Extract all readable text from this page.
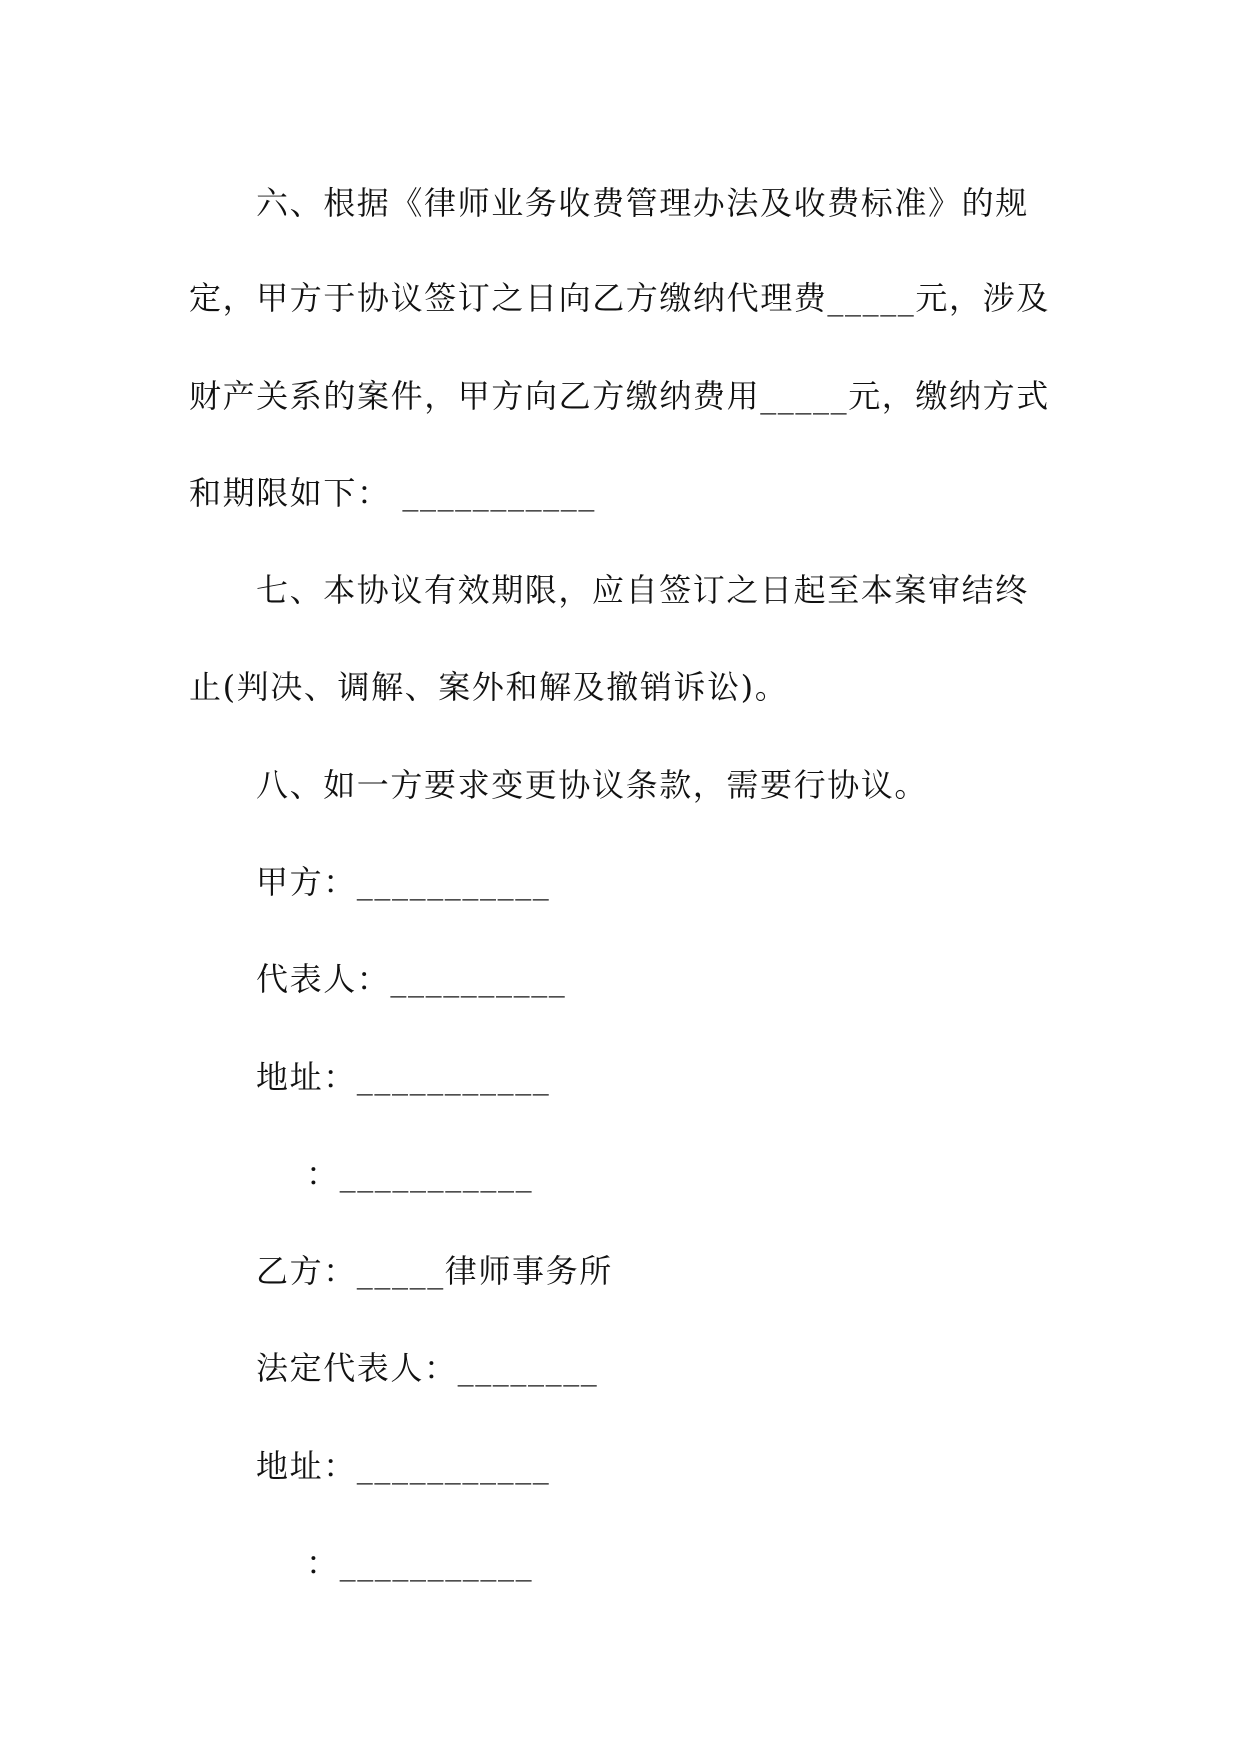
六、根据《律师业务收费管理办法及收费标准》的规
定，甲方于协议签订之日向乙方缴纳代理费_____元，涉及
财产关系的案件，甲方向乙方缴纳费用_____元，缴纳方式
和期限如下： ___________
七、本协议有效期限，应自签订之日起至本案审结终
止(判决、调解、案外和解及撤销诉讼)。
八、如一方要求变更协议条款，需要行协议。
甲方：___________
代表人：__________
地址：___________
：___________
乙方：_____律师事务所
法定代表人：________
地址：___________
：___________
